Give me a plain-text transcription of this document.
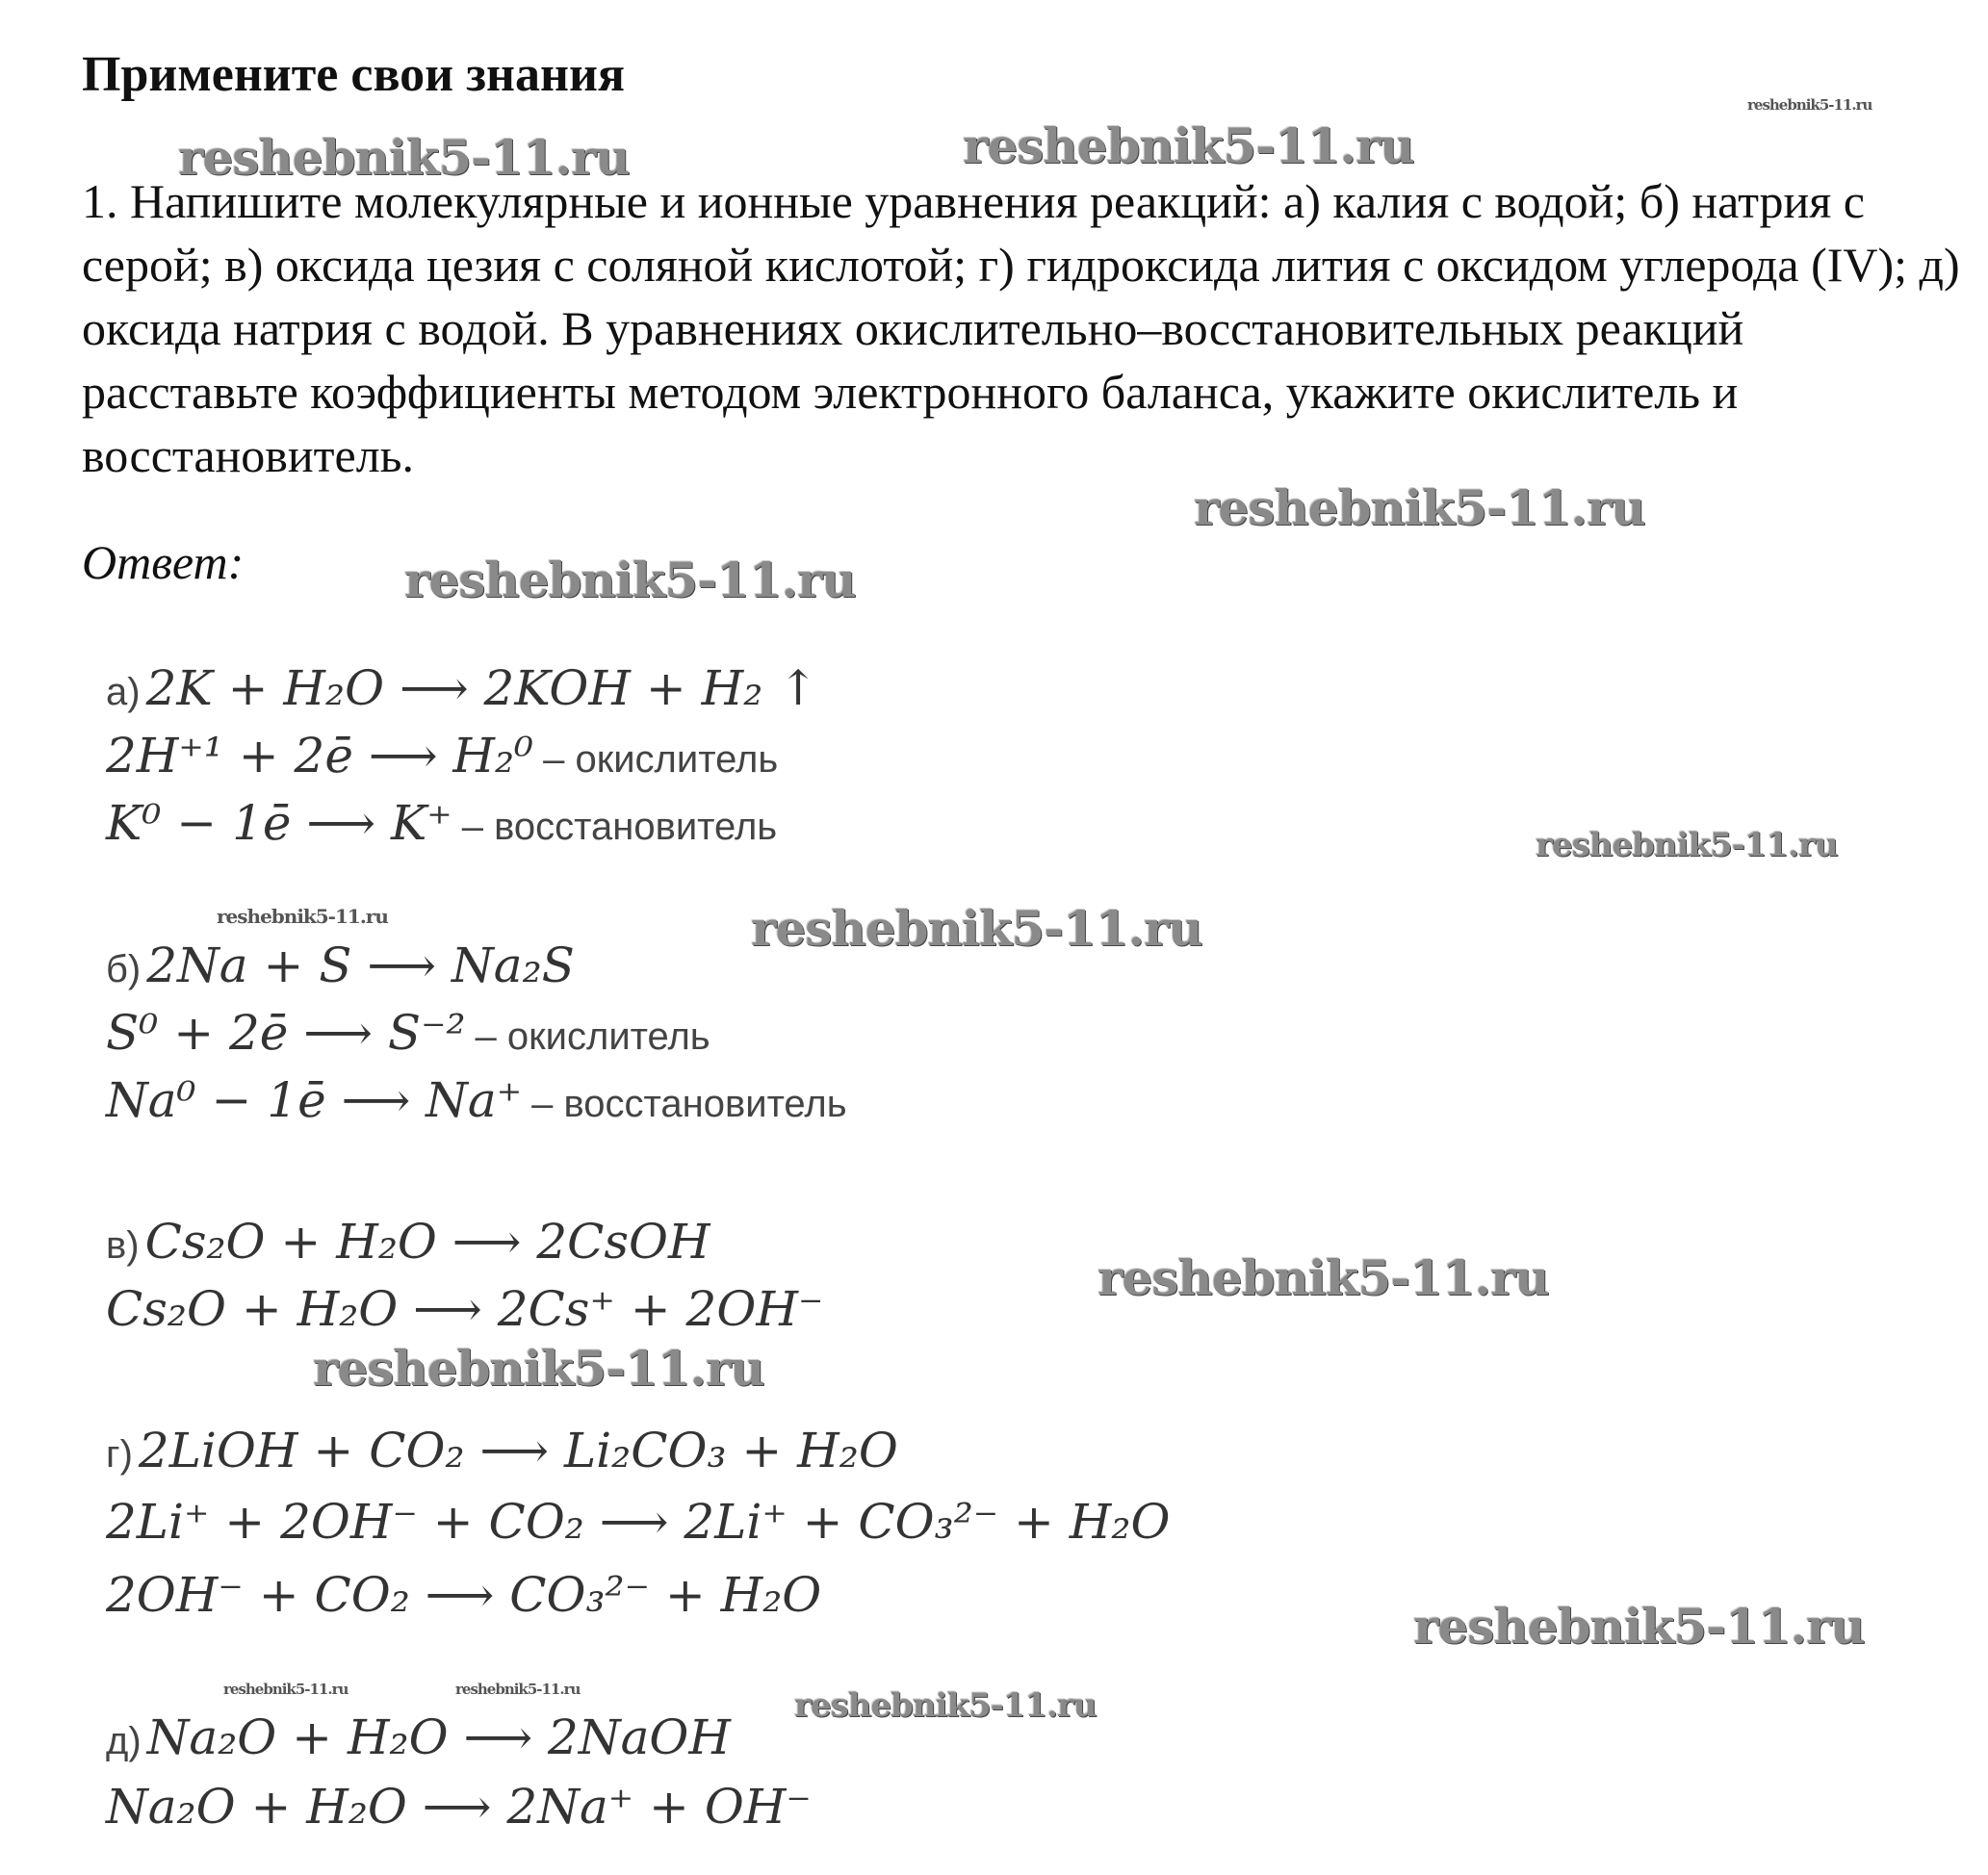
Примените свои знания
1. Напишите молекулярные и ионные уравнения реакций: а) калия с водой; б) натрия с серой; в) оксида цезия с соляной кислотой; г) гидроксида лития с оксидом углерода (IV); д) оксида натрия с водой. В уравнениях окислительно‒восстановительных реакций расставьте коэффициенты методом электронного баланса, укажите окислитель и восстановитель.
Ответ:
а) 2K + H₂O ⟶ 2KOH + H₂ ↑
2H⁺¹ + 2ē ⟶ H₂⁰ ‒ окислитель
K⁰ − 1ē ⟶ K⁺ ‒ восстановитель
б) 2Na + S ⟶ Na₂S
S⁰ + 2ē ⟶ S⁻² ‒ окислитель
Na⁰ − 1ē ⟶ Na⁺ ‒ восстановитель
в) Cs₂O + H₂O ⟶ 2CsOH
Cs₂O + H₂O ⟶ 2Cs⁺ + 2OH⁻
г) 2LiOH + CO₂ ⟶ Li₂CO₃ + H₂O
2Li⁺ + 2OH⁻ + CO₂ ⟶ 2Li⁺ + CO₃²⁻ + H₂O
2OH⁻ + CO₂ ⟶ CO₃²⁻ + H₂O
д) Na₂O + H₂O ⟶ 2NaOH
Na₂O + H₂O ⟶ 2Na⁺ + OH⁻
reshebnik5-11.ru
reshebnik5-11.ru	reshebnik5-11.ru
reshebnik5-11.ru
reshebnik5-11.ru
reshebnik5-11.ru
reshebnik5-11.ru	reshebnik5-11.ru
reshebnik5-11.ru
reshebnik5-11.ru
reshebnik5-11.ru
reshebnik5-11.ru	reshebnik5-11.ru	reshebnik5-11.ru
